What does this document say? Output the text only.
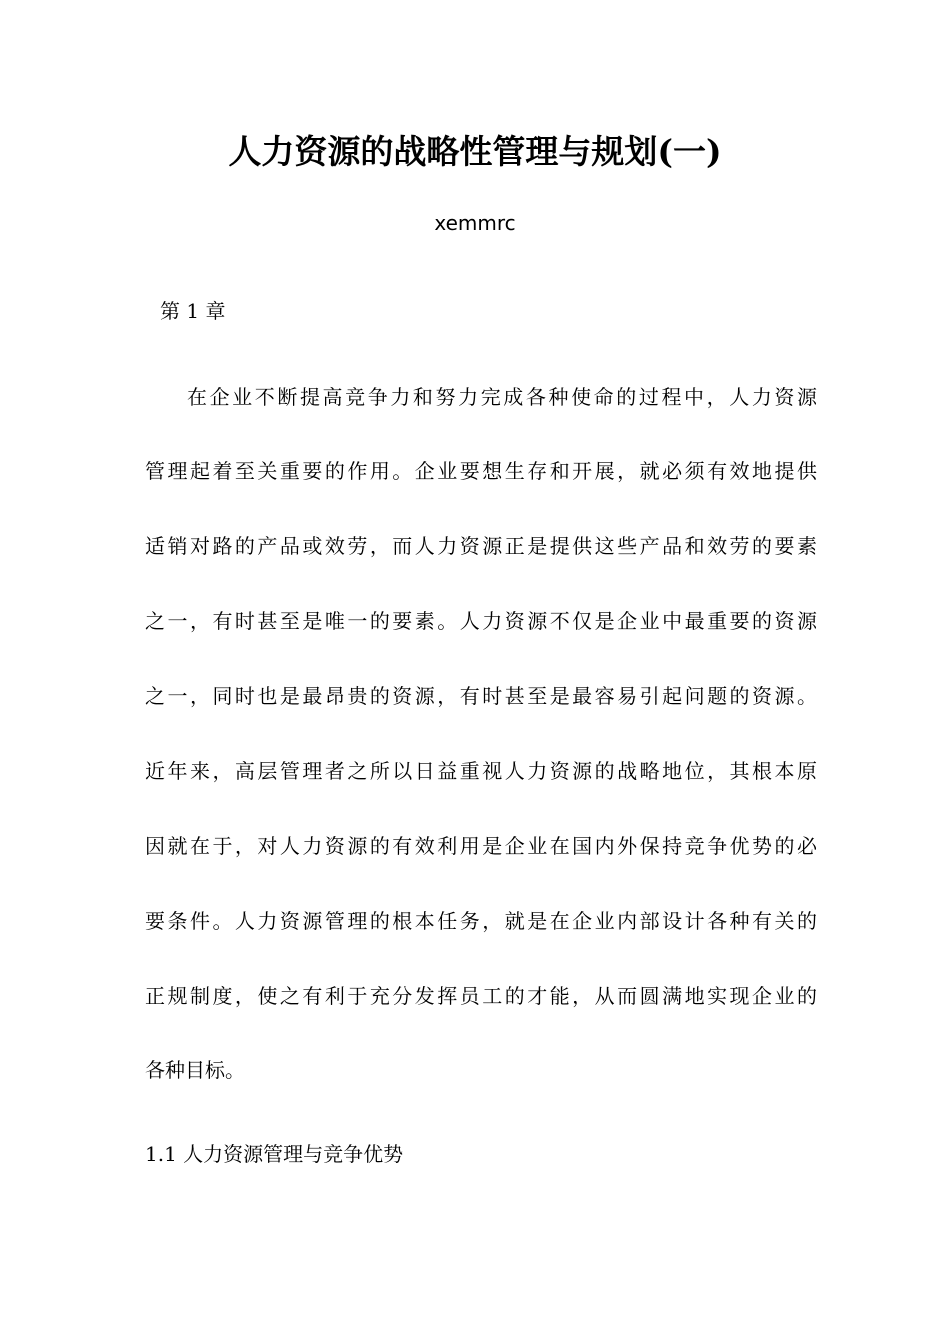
人力资源的战略性管理与规划(一)
xemmrc
第 1 章
在企业不断提高竞争力和努力完成各种使命的过程中，人力资源
管理起着至关重要的作用。企业要想生存和开展，就必须有效地提供
适销对路的产品或效劳，而人力资源正是提供这些产品和效劳的要素
之一，有时甚至是唯一的要素。人力资源不仅是企业中最重要的资源
之一，同时也是最昂贵的资源，有时甚至是最容易引起问题的资源。
近年来，高层管理者之所以日益重视人力资源的战略地位，其根本原
因就在于，对人力资源的有效利用是企业在国内外保持竞争优势的必
要条件。人力资源管理的根本任务，就是在企业内部设计各种有关的
正规制度，使之有利于充分发挥员工的才能，从而圆满地实现企业的
各种目标。
1.1 人力资源管理与竞争优势
